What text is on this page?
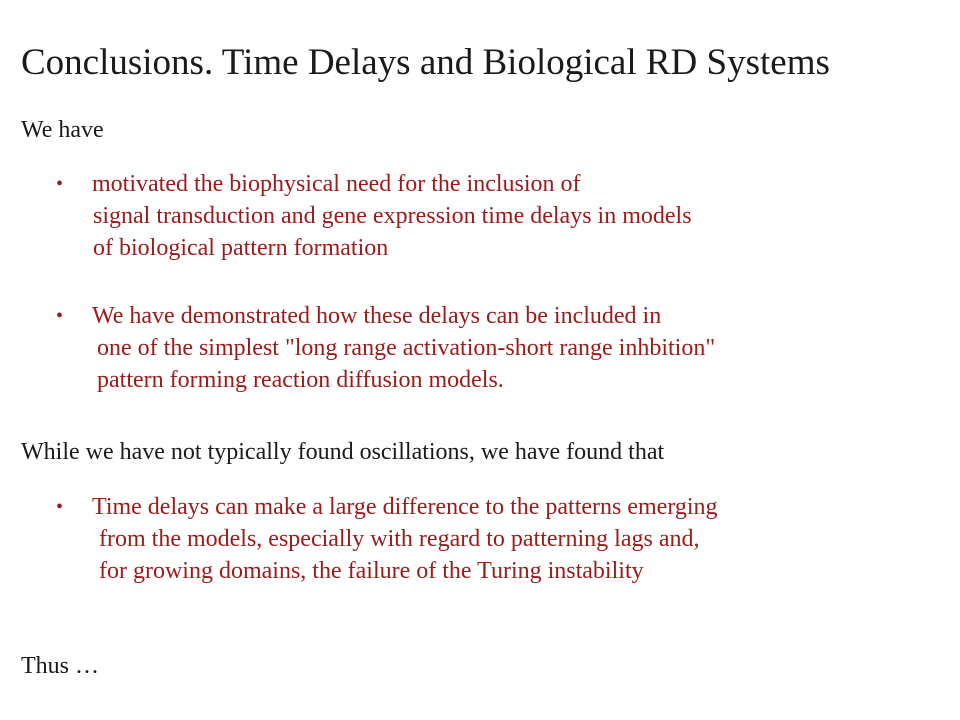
Conclusions. Time Delays and Biological RD Systems
We have
•	motivated the biophysical need for the inclusion of
signal transduction and gene expression time delays in models
of biological pattern formation
•	We have demonstrated how these delays can be included in
one of the simplest "long range activation-short range inhbition"
pattern forming reaction diffusion models.
While we have not typically found oscillations, we have found that
•	Time delays can make a large difference to the patterns emerging
from the models, especially with regard to patterning lags and,
for growing domains, the failure of the Turing instability
Thus …
